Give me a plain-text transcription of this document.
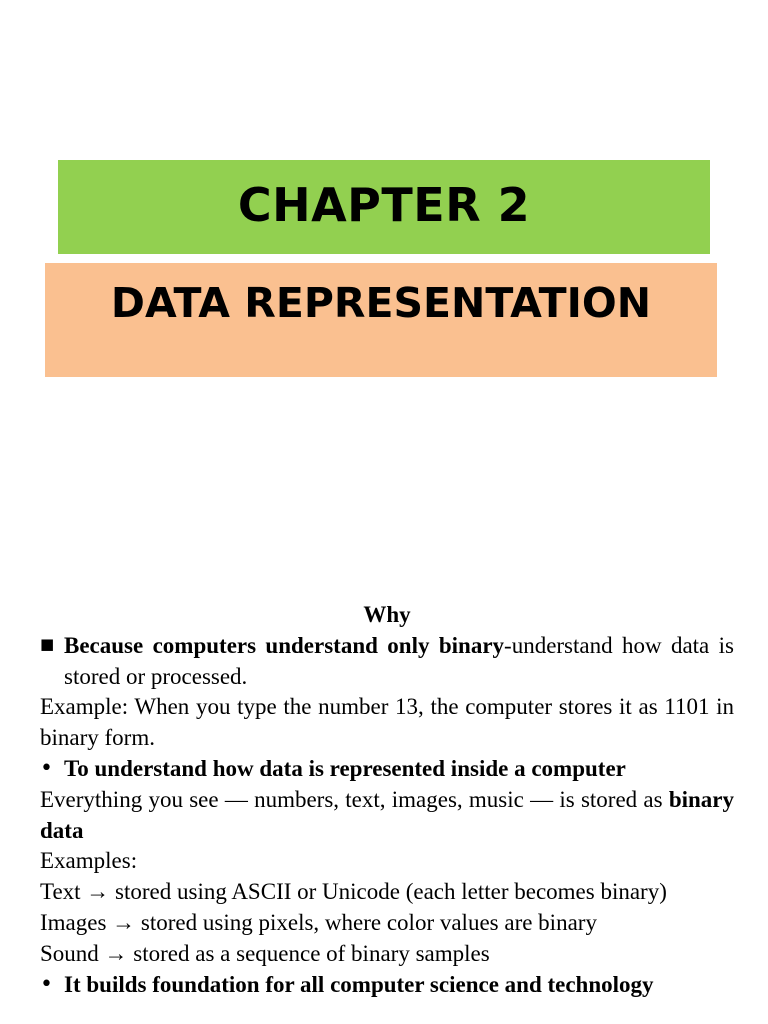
CHAPTER 2
DATA REPRESENTATION

Why

■ Because computers understand only binary-understand how data is stored or processed.

Example: When you type the number 13, the computer stores it as 1101 in binary form.

• To understand how data is represented inside a computer

Everything you see — numbers, text, images, music — is stored as binary data

Examples:

Text → stored using ASCII or Unicode (each letter becomes binary)

Images → stored using pixels, where color values are binary

Sound → stored as a sequence of binary samples

• It builds foundation for all computer science and technology
